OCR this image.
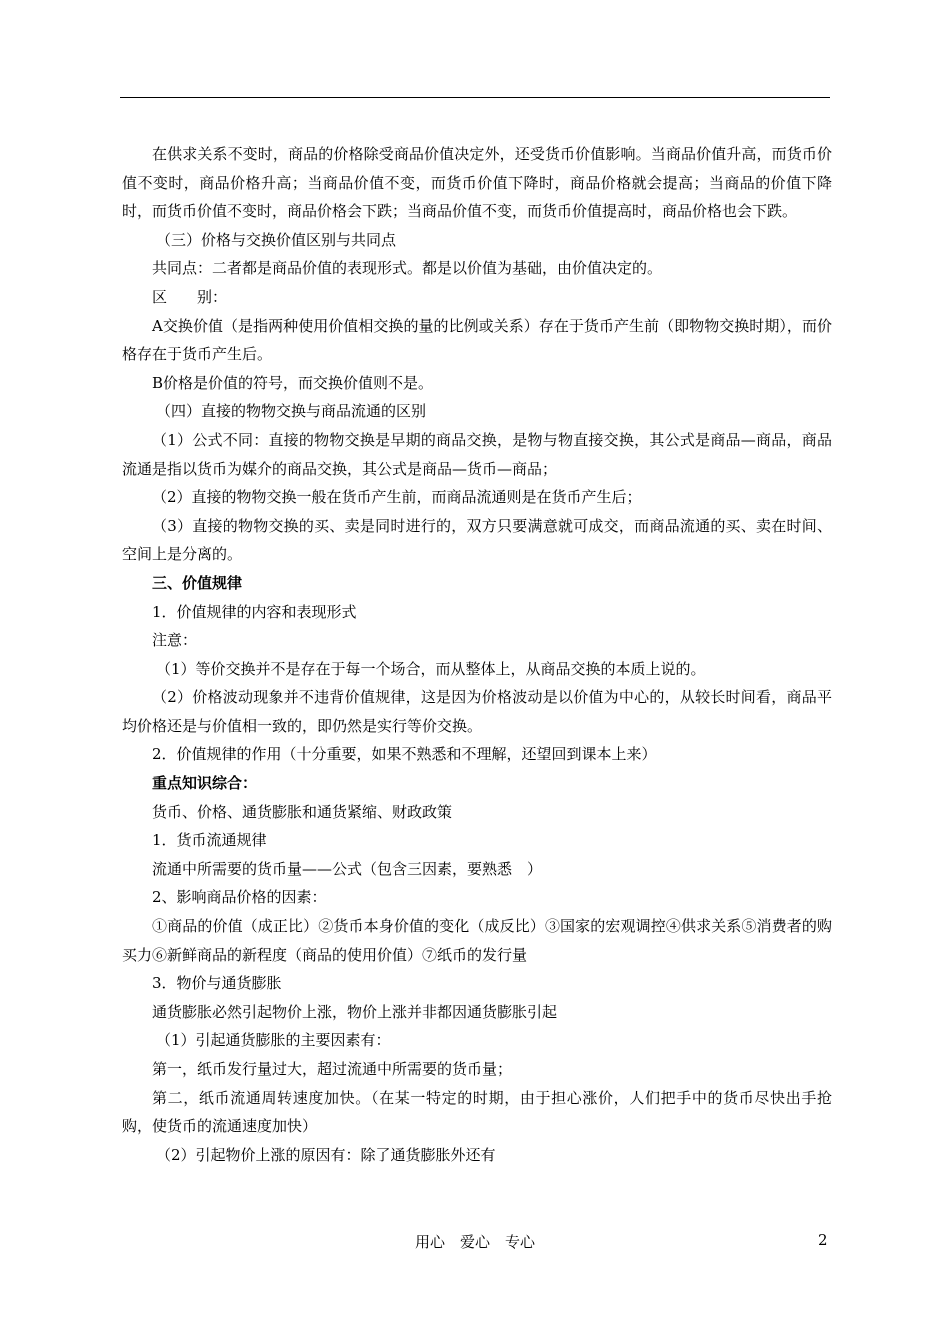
在供求关系不变时，商品的价格除受商品价值决定外，还受货币价值影响。当商品价值升高，而货币价值不变时，商品价格升高；当商品价值不变，而货币价值下降时，商品价格就会提高；当商品的价值下降时，而货币价值不变时，商品价格会下跌；当商品价值不变，而货币价值提高时，商品价格也会下跌。

（三）价格与交换价值区别与共同点

共同点：二者都是商品价值的表现形式。都是以价值为基础，由价值决定的。

区　　别：

A交换价值（是指两种使用价值相交换的量的比例或关系）存在于货币产生前（即物物交换时期），而价格存在于货币产生后。

B价格是价值的符号，而交换价值则不是。

（四）直接的物物交换与商品流通的区别

（1）公式不同：直接的物物交换是早期的商品交换，是物与物直接交换，其公式是商品—商品，商品流通是指以货币为媒介的商品交换，其公式是商品—货币—商品；

（2）直接的物物交换一般在货币产生前，而商品流通则是在货币产生后；

（3）直接的物物交换的买、卖是同时进行的，双方只要满意就可成交，而商品流通的买、卖在时间、空间上是分离的。

三、价值规律

1．价值规律的内容和表现形式

注意：

（1）等价交换并不是存在于每一个场合，而从整体上，从商品交换的本质上说的。

（2）价格波动现象并不违背价值规律，这是因为价格波动是以价值为中心的，从较长时间看，商品平均价格还是与价值相一致的，即仍然是实行等价交换。

2．价值规律的作用（十分重要，如果不熟悉和不理解，还望回到课本上来）

重点知识综合：

货币、价格、通货膨胀和通货紧缩、财政政策

1．货币流通规律

流通中所需要的货币量——公式（包含三因素，要熟悉　）

2、影响商品价格的因素：

①商品的价值（成正比）②货币本身价值的变化（成反比）③国家的宏观调控④供求关系⑤消费者的购买力⑥新鲜商品的新程度（商品的使用价值）⑦纸币的发行量

3．物价与通货膨胀

通货膨胀必然引起物价上涨，物价上涨并非都因通货膨胀引起

（1）引起通货膨胀的主要因素有：

第一，纸币发行量过大，超过流通中所需要的货币量；

第二，纸币流通周转速度加快。（在某一特定的时期，由于担心涨价，人们把手中的货币尽快出手抢购，使货币的流通速度加快）

（2）引起物价上涨的原因有：除了通货膨胀外还有

用心　爱心　专心	2
